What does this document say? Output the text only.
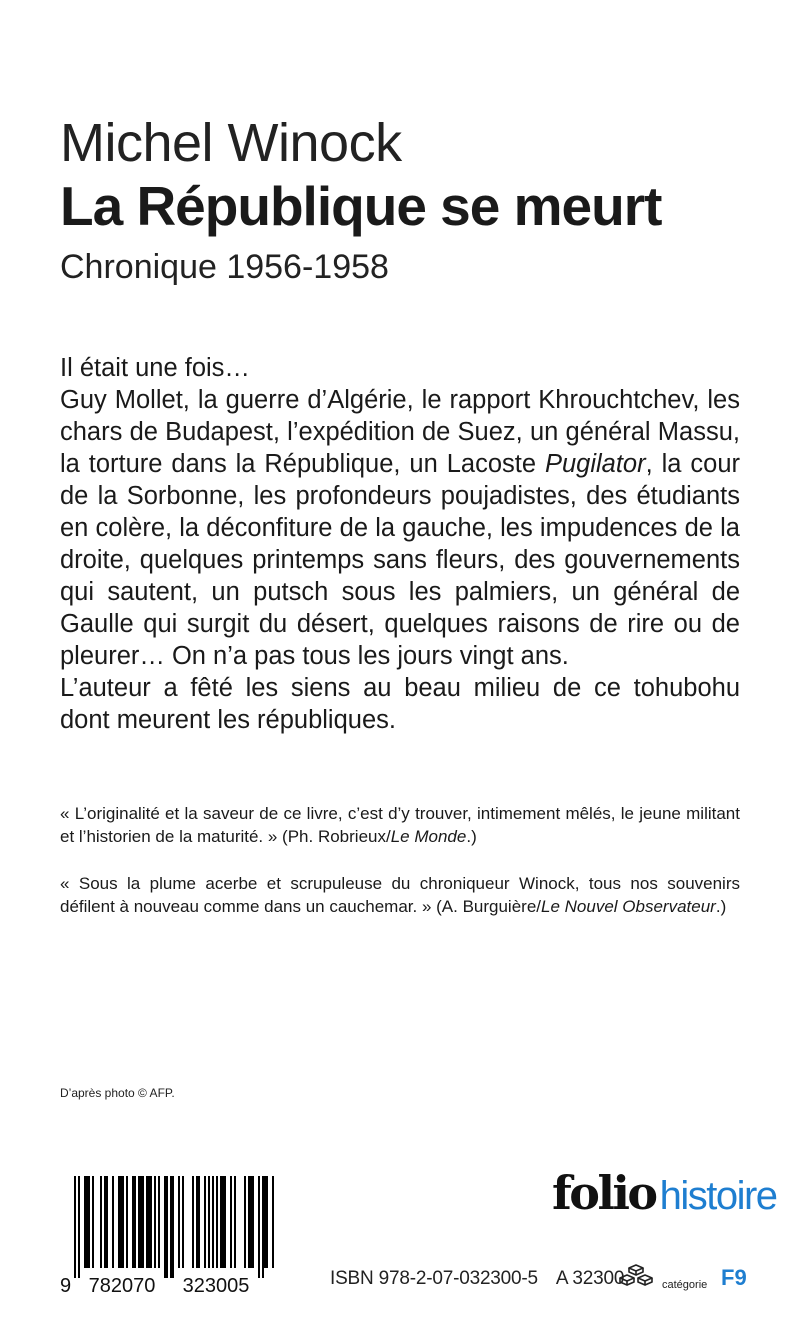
Michel Winock
La République se meurt
Chronique 1956-1958

Il était une fois…

Guy Mollet, la guerre d’Algérie, le rapport Khrouchtchev, les chars de Budapest, l’expédition de Suez, un général Massu, la torture dans la République, un Lacoste Pugilator, la cour de la Sorbonne, les profondeurs poujadistes, des étudiants en colère, la déconfiture de la gauche, les impudences de la droite, quelques printemps sans fleurs, des gouvernements qui sautent, un putsch sous les palmiers, un général de Gaulle qui surgit du désert, quelques raisons de rire ou de pleurer… On n’a pas tous les jours vingt ans.

L’auteur a fêté les siens au beau milieu de ce tohubohu dont meurent les républiques.

« L’originalité et la saveur de ce livre, c’est d’y trouver, intimement mêlés, le jeune militant et l’historien de la maturité. » (Ph. Robrieux/Le Monde.)

« Sous la plume acerbe et scrupuleuse du chroniqueur Winock, tous nos souvenirs défilent à nouveau comme dans un cauchemar. » (A. Burguière/Le Nouvel Observateur.)

D’après photo © AFP.
9 782070 323005	ISBN 978-2-07-032300-5 A 32300	catégorie F9
folio histoire
